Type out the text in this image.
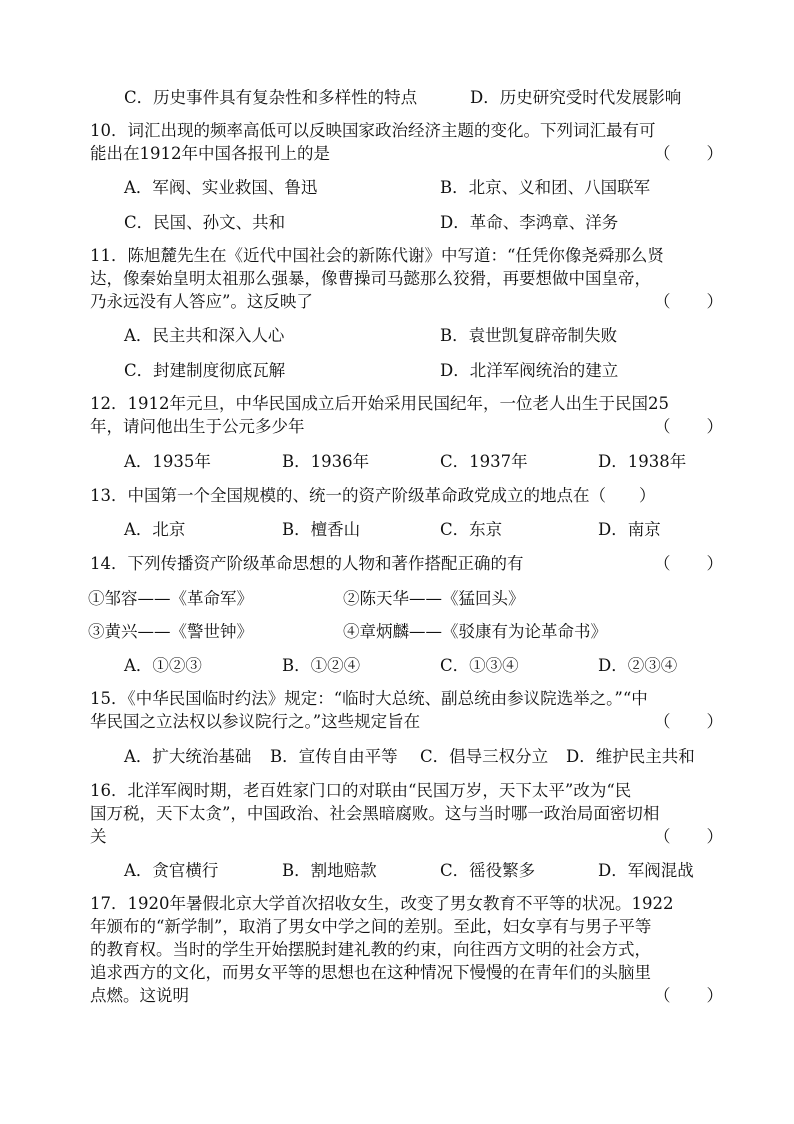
C．历史事件具有复杂性和多样性的特点	D．历史研究受时代发展影响
10．词汇出现的频率高低可以反映国家政治经济主题的变化。下列词汇最有可
能出在1912年中国各报刊上的是	（　　）
A．军阀、实业救国、鲁迅	B．北京、义和团、八国联军
C．民国、孙文、共和	D．革命、李鸿章、洋务
11．陈旭麓先生在《近代中国社会的新陈代谢》中写道：“任凭你像尧舜那么贤
达，像秦始皇明太祖那么强暴，像曹操司马懿那么狡猾，再要想做中国皇帝，
乃永远没有人答应”。这反映了	（　　）
A．民主共和深入人心	B．袁世凯复辟帝制失败
C．封建制度彻底瓦解	D．北洋军阀统治的建立
12．1912年元旦，中华民国成立后开始采用民国纪年，一位老人出生于民国25
年，请问他出生于公元多少年	（　　）
A．1935年	B．1936年	C．1937年	D．1938年
13．中国第一个全国规模的、统一的资产阶级革命政党成立的地点在（　　）
A．北京	B．檀香山	C．东京	D．南京
14．下列传播资产阶级革命思想的人物和著作搭配正确的有	（　　）
①邹容——《革命军》	②陈天华——《猛回头》
③黄兴——《警世钟》	④章炳麟——《驳康有为论革命书》
A．①②③	B．①②④	C．①③④	D．②③④
15．《中华民国临时约法》规定：“临时大总统、副总统由参议院选举之。”“中
华民国之立法权以参议院行之。”这些规定旨在	（　　）
A．扩大统治基础 B．宣传自由平等 C．倡导三权分立 D．维护民主共和
16．北洋军阀时期，老百姓家门口的对联由“民国万岁，天下太平”改为“民
国万税，天下太贪”，中国政治、社会黑暗腐败。这与当时哪一政治局面密切相
关	（　　）
A．贪官横行	B．割地赔款	C．徭役繁多	D．军阀混战
17．1920年暑假北京大学首次招收女生，改变了男女教育不平等的状况。1922
年颁布的“新学制”，取消了男女中学之间的差别。至此，妇女享有与男子平等
的教育权。当时的学生开始摆脱封建礼教的约束，向往西方文明的社会方式，
追求西方的文化，而男女平等的思想也在这种情况下慢慢的在青年们的头脑里
点燃。这说明	（　　）
